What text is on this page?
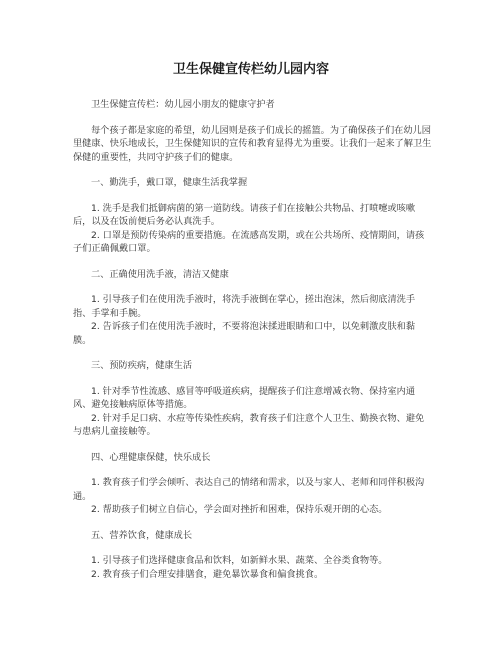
卫生保健宣传栏幼儿园内容

卫生保健宣传栏：幼儿园小朋友的健康守护者

每个孩子都是家庭的希望，幼儿园则是孩子们成长的摇篮。为了确保孩子们在幼儿园里健康、快乐地成长，卫生保健知识的宣传和教育显得尤为重要。让我们一起来了解卫生保健的重要性，共同守护孩子们的健康。

一、勤洗手，戴口罩，健康生活我掌握

1. 洗手是我们抵御病菌的第一道防线。请孩子们在接触公共物品、打喷嚏或咳嗽后，以及在饭前便后务必认真洗手。

2. 口罩是预防传染病的重要措施。在流感高发期，或在公共场所、疫情期间，请孩子们正确佩戴口罩。

二、正确使用洗手液，清洁又健康

1. 引导孩子们在使用洗手液时，将洗手液倒在掌心，搓出泡沫，然后彻底清洗手指、手掌和手腕。

2. 告诉孩子们在使用洗手液时，不要将泡沫揉进眼睛和口中，以免刺激皮肤和黏膜。

三、预防疾病，健康生活

1. 针对季节性流感、感冒等呼吸道疾病，提醒孩子们注意增减衣物、保持室内通风、避免接触病原体等措施。

2. 针对手足口病、水痘等传染性疾病，教育孩子们注意个人卫生、勤换衣物、避免与患病儿童接触等。

四、心理健康保健，快乐成长

1. 教育孩子们学会倾听、表达自己的情绪和需求，以及与家人、老师和同伴积极沟通。

2. 帮助孩子们树立自信心，学会面对挫折和困难，保持乐观开朗的心态。

五、营养饮食，健康成长

1. 引导孩子们选择健康食品和饮料，如新鲜水果、蔬菜、全谷类食物等。

2. 教育孩子们合理安排膳食，避免暴饮暴食和偏食挑食。
